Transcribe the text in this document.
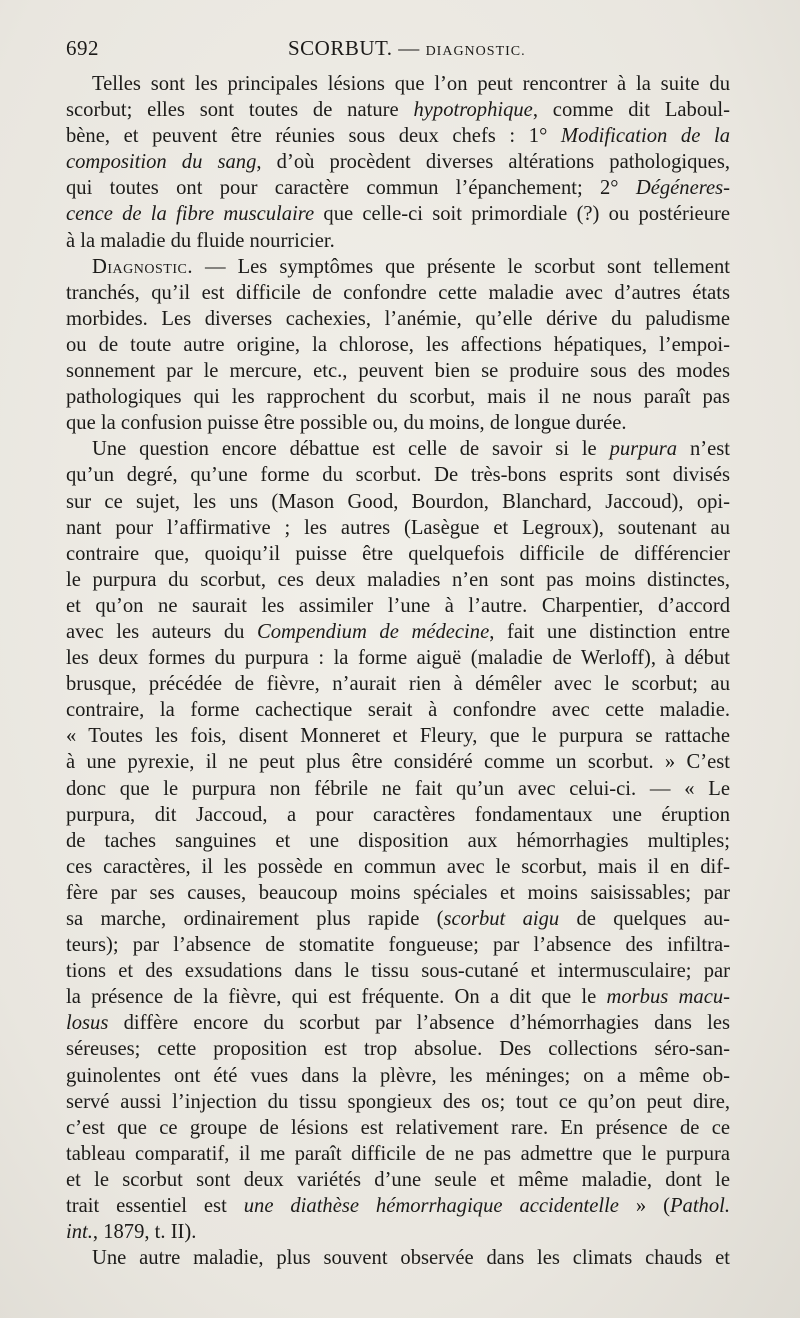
692	SCORBUT. — DIAGNOSTIC.
Telles sont les principales lésions que l’on peut rencontrer à la suite du
scorbut; elles sont toutes de nature hypotrophique, comme dit Laboul-
bène, et peuvent être réunies sous deux chefs : 1° Modification de la
composition du sang, d’où procèdent diverses altérations pathologiques,
qui toutes ont pour caractère commun l’épanchement; 2° Dégéneres-
cence de la fibre musculaire que celle-ci soit primordiale (?) ou postérieure
à la maladie du fluide nourricier.
Diagnostic. — Les symptômes que présente le scorbut sont tellement
tranchés, qu’il est difficile de confondre cette maladie avec d’autres états
morbides. Les diverses cachexies, l’anémie, qu’elle dérive du paludisme
ou de toute autre origine, la chlorose, les affections hépatiques, l’empoi-
sonnement par le mercure, etc., peuvent bien se produire sous des modes
pathologiques qui les rapprochent du scorbut, mais il ne nous paraît pas
que la confusion puisse être possible ou, du moins, de longue durée.
Une question encore débattue est celle de savoir si le purpura n’est
qu’un degré, qu’une forme du scorbut. De très-bons esprits sont divisés
sur ce sujet, les uns (Mason Good, Bourdon, Blanchard, Jaccoud), opi-
nant pour l’affirmative ; les autres (Lasègue et Legroux), soutenant au
contraire que, quoiqu’il puisse être quelquefois difficile de différencier
le purpura du scorbut, ces deux maladies n’en sont pas moins distinctes,
et qu’on ne saurait les assimiler l’une à l’autre. Charpentier, d’accord
avec les auteurs du Compendium de médecine, fait une distinction entre
les deux formes du purpura : la forme aiguë (maladie de Werloff), à début
brusque, précédée de fièvre, n’aurait rien à démêler avec le scorbut; au
contraire, la forme cachectique serait à confondre avec cette maladie.
« Toutes les fois, disent Monneret et Fleury, que le purpura se rattache
à une pyrexie, il ne peut plus être considéré comme un scorbut. » C’est
donc que le purpura non fébrile ne fait qu’un avec celui-ci. — « Le
purpura, dit Jaccoud, a pour caractères fondamentaux une éruption
de taches sanguines et une disposition aux hémorrhagies multiples;
ces caractères, il les possède en commun avec le scorbut, mais il en dif-
fère par ses causes, beaucoup moins spéciales et moins saisissables; par
sa marche, ordinairement plus rapide (scorbut aigu de quelques au-
teurs); par l’absence de stomatite fongueuse; par l’absence des infiltra-
tions et des exsudations dans le tissu sous-cutané et intermusculaire; par
la présence de la fièvre, qui est fréquente. On a dit que le morbus macu-
losus diffère encore du scorbut par l’absence d’hémorrhagies dans les
séreuses; cette proposition est trop absolue. Des collections séro-san-
guinolentes ont été vues dans la plèvre, les méninges; on a même ob-
servé aussi l’injection du tissu spongieux des os; tout ce qu’on peut dire,
c’est que ce groupe de lésions est relativement rare. En présence de ce
tableau comparatif, il me paraît difficile de ne pas admettre que le purpura
et le scorbut sont deux variétés d’une seule et même maladie, dont le
trait essentiel est une diathèse hémorrhagique accidentelle » (Pathol.
int., 1879, t. II).
Une autre maladie, plus souvent observée dans les climats chauds et
